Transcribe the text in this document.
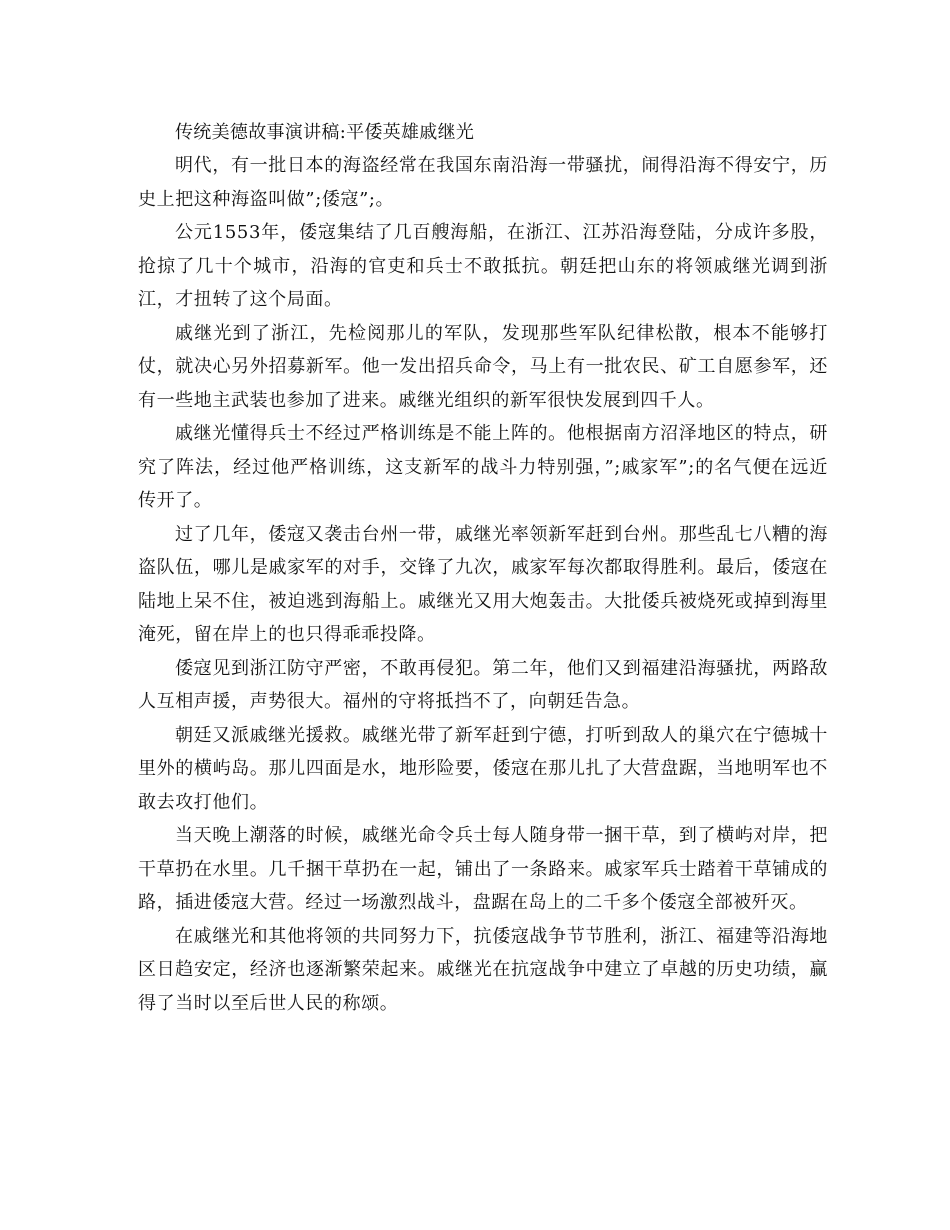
传统美德故事演讲稿:平倭英雄戚继光

明代，有一批日本的海盗经常在我国东南沿海一带骚扰，闹得沿海不得安宁，历史上把这种海盗叫做”;倭寇”;。

公元1553年，倭寇集结了几百艘海船，在浙江、江苏沿海登陆，分成许多股，抢掠了几十个城市，沿海的官吏和兵士不敢抵抗。朝廷把山东的将领戚继光调到浙江，才扭转了这个局面。

戚继光到了浙江，先检阅那儿的军队，发现那些军队纪律松散，根本不能够打仗，就决心另外招募新军。他一发出招兵命令，马上有一批农民、矿工自愿参军，还有一些地主武装也参加了进来。戚继光组织的新军很快发展到四千人。

戚继光懂得兵士不经过严格训练是不能上阵的。他根据南方沼泽地区的特点，研究了阵法，经过他严格训练，这支新军的战斗力特别强，”;戚家军”;的名气便在远近传开了。

过了几年，倭寇又袭击台州一带，戚继光率领新军赶到台州。那些乱七八糟的海盗队伍，哪儿是戚家军的对手，交锋了九次，戚家军每次都取得胜利。最后，倭寇在陆地上呆不住，被迫逃到海船上。戚继光又用大炮轰击。大批倭兵被烧死或掉到海里淹死，留在岸上的也只得乖乖投降。

倭寇见到浙江防守严密，不敢再侵犯。第二年，他们又到福建沿海骚扰，两路敌人互相声援，声势很大。福州的守将抵挡不了，向朝廷告急。

朝廷又派戚继光援救。戚继光带了新军赶到宁德，打听到敌人的巢穴在宁德城十里外的横屿岛。那儿四面是水，地形险要，倭寇在那儿扎了大营盘踞，当地明军也不敢去攻打他们。

当天晚上潮落的时候，戚继光命令兵士每人随身带一捆干草，到了横屿对岸，把干草扔在水里。几千捆干草扔在一起，铺出了一条路来。戚家军兵士踏着干草铺成的路，插进倭寇大营。经过一场激烈战斗，盘踞在岛上的二千多个倭寇全部被歼灭。

在戚继光和其他将领的共同努力下，抗倭寇战争节节胜利，浙江、福建等沿海地区日趋安定，经济也逐渐繁荣起来。戚继光在抗寇战争中建立了卓越的历史功绩，赢得了当时以至后世人民的称颂。
